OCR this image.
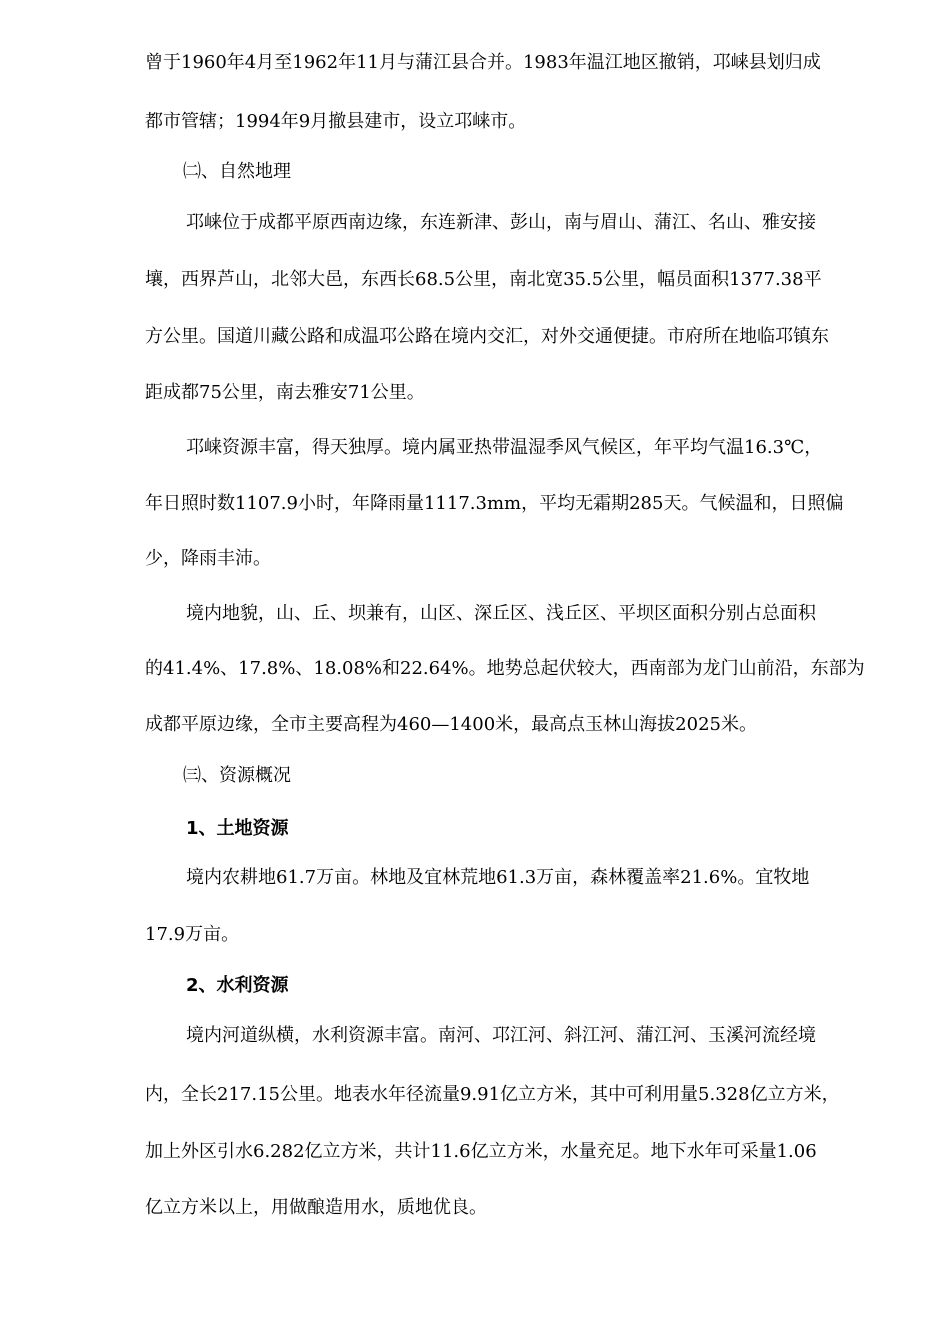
曾于1960年4月至1962年11月与蒲江县合并。1983年温江地区撤销，邛崃县划归成
都市管辖；1994年9月撤县建市，设立邛崃市。
㈡、自然地理
邛崃位于成都平原西南边缘，东连新津、彭山，南与眉山、蒲江、名山、雅安接
壤，西界芦山，北邻大邑，东西长68.5公里，南北宽35.5公里，幅员面积1377.38平
方公里。国道川藏公路和成温邛公路在境内交汇，对外交通便捷。市府所在地临邛镇东
距成都75公里，南去雅安71公里。
邛崃资源丰富，得天独厚。境内属亚热带温湿季风气候区，年平均气温16.3℃，
年日照时数1107.9小时，年降雨量1117.3mm，平均无霜期285天。气候温和，日照偏
少，降雨丰沛。
境内地貌，山、丘、坝兼有，山区、深丘区、浅丘区、平坝区面积分别占总面积
的41.4%、17.8%、18.08%和22.64%。地势总起伏较大，西南部为龙门山前沿，东部为
成都平原边缘，全市主要高程为460—1400米，最高点玉林山海拔2025米。
㈢、资源概况
1、土地资源
境内农耕地61.7万亩。林地及宜林荒地61.3万亩，森林覆盖率21.6%。宜牧地
17.9万亩。
2、水利资源
境内河道纵横，水利资源丰富。南河、邛江河、斜江河、蒲江河、玉溪河流经境
内，全长217.15公里。地表水年径流量9.91亿立方米，其中可利用量5.328亿立方米，
加上外区引水6.282亿立方米，共计11.6亿立方米，水量充足。地下水年可采量1.06
亿立方米以上，用做酿造用水，质地优良。
